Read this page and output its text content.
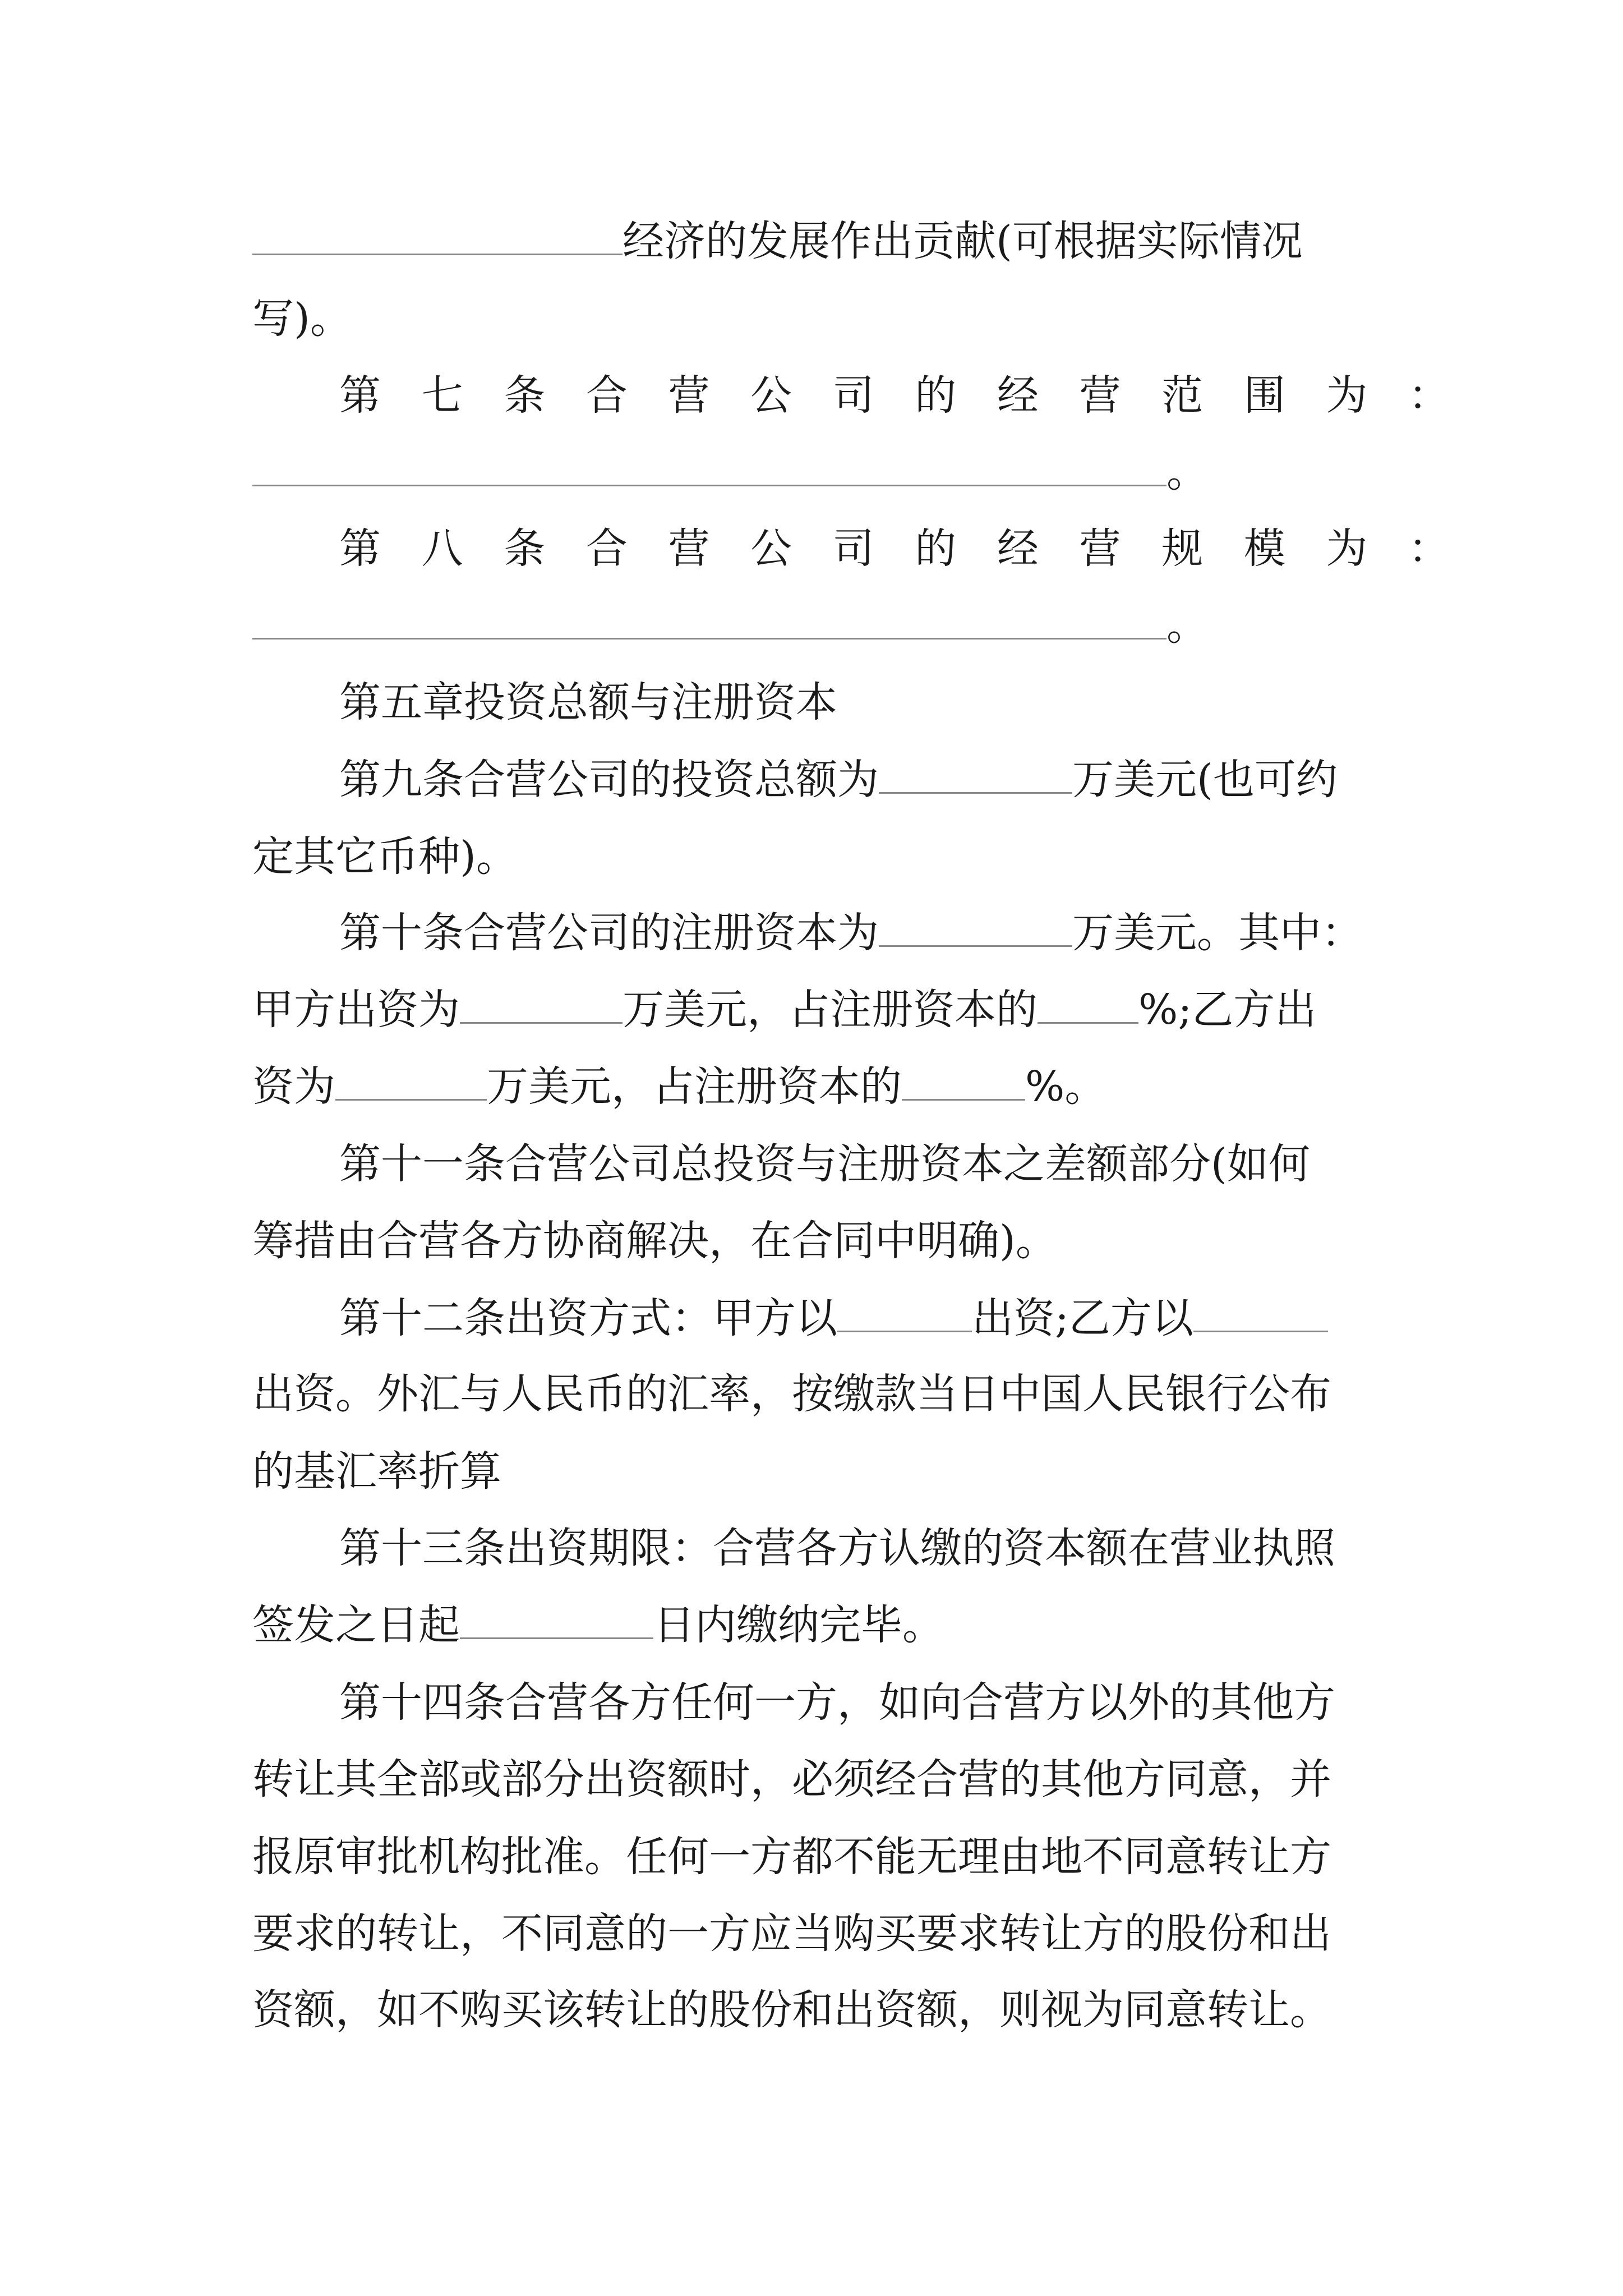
经济的发展作出贡献(可根据实际情况
写)。
第 七 条 合 营 公 司 的 经 营 范 围 为 ：
。
第 八 条 合 营 公 司 的 经 营 规 模 为 ：
。
第五章投资总额与注册资本
第九条合营公司的投资总额为	万美元(也可约
定其它币种)。
第十条合营公司的注册资本为	万美元。其中：
甲方出资为	万美元，占注册资本的 %;乙方出
资为	万美元，占注册资本的	%。
第十一条合营公司总投资与注册资本之差额部分(如何
筹措由合营各方协商解决，在合同中明确)。
第十二条出资方式：甲方以	出资;乙方以
出资。外汇与人民币的汇率，按缴款当日中国人民银行公布
的基汇率折算
第十三条出资期限：合营各方认缴的资本额在营业执照
签发之日起	日内缴纳完毕。
第十四条合营各方任何一方，如向合营方以外的其他方
转让其全部或部分出资额时，必须经合营的其他方同意，并
报原审批机构批准。任何一方都不能无理由地不同意转让方
要求的转让，不同意的一方应当购买要求转让方的股份和出
资额，如不购买该转让的股份和出资额，则视为同意转让。
